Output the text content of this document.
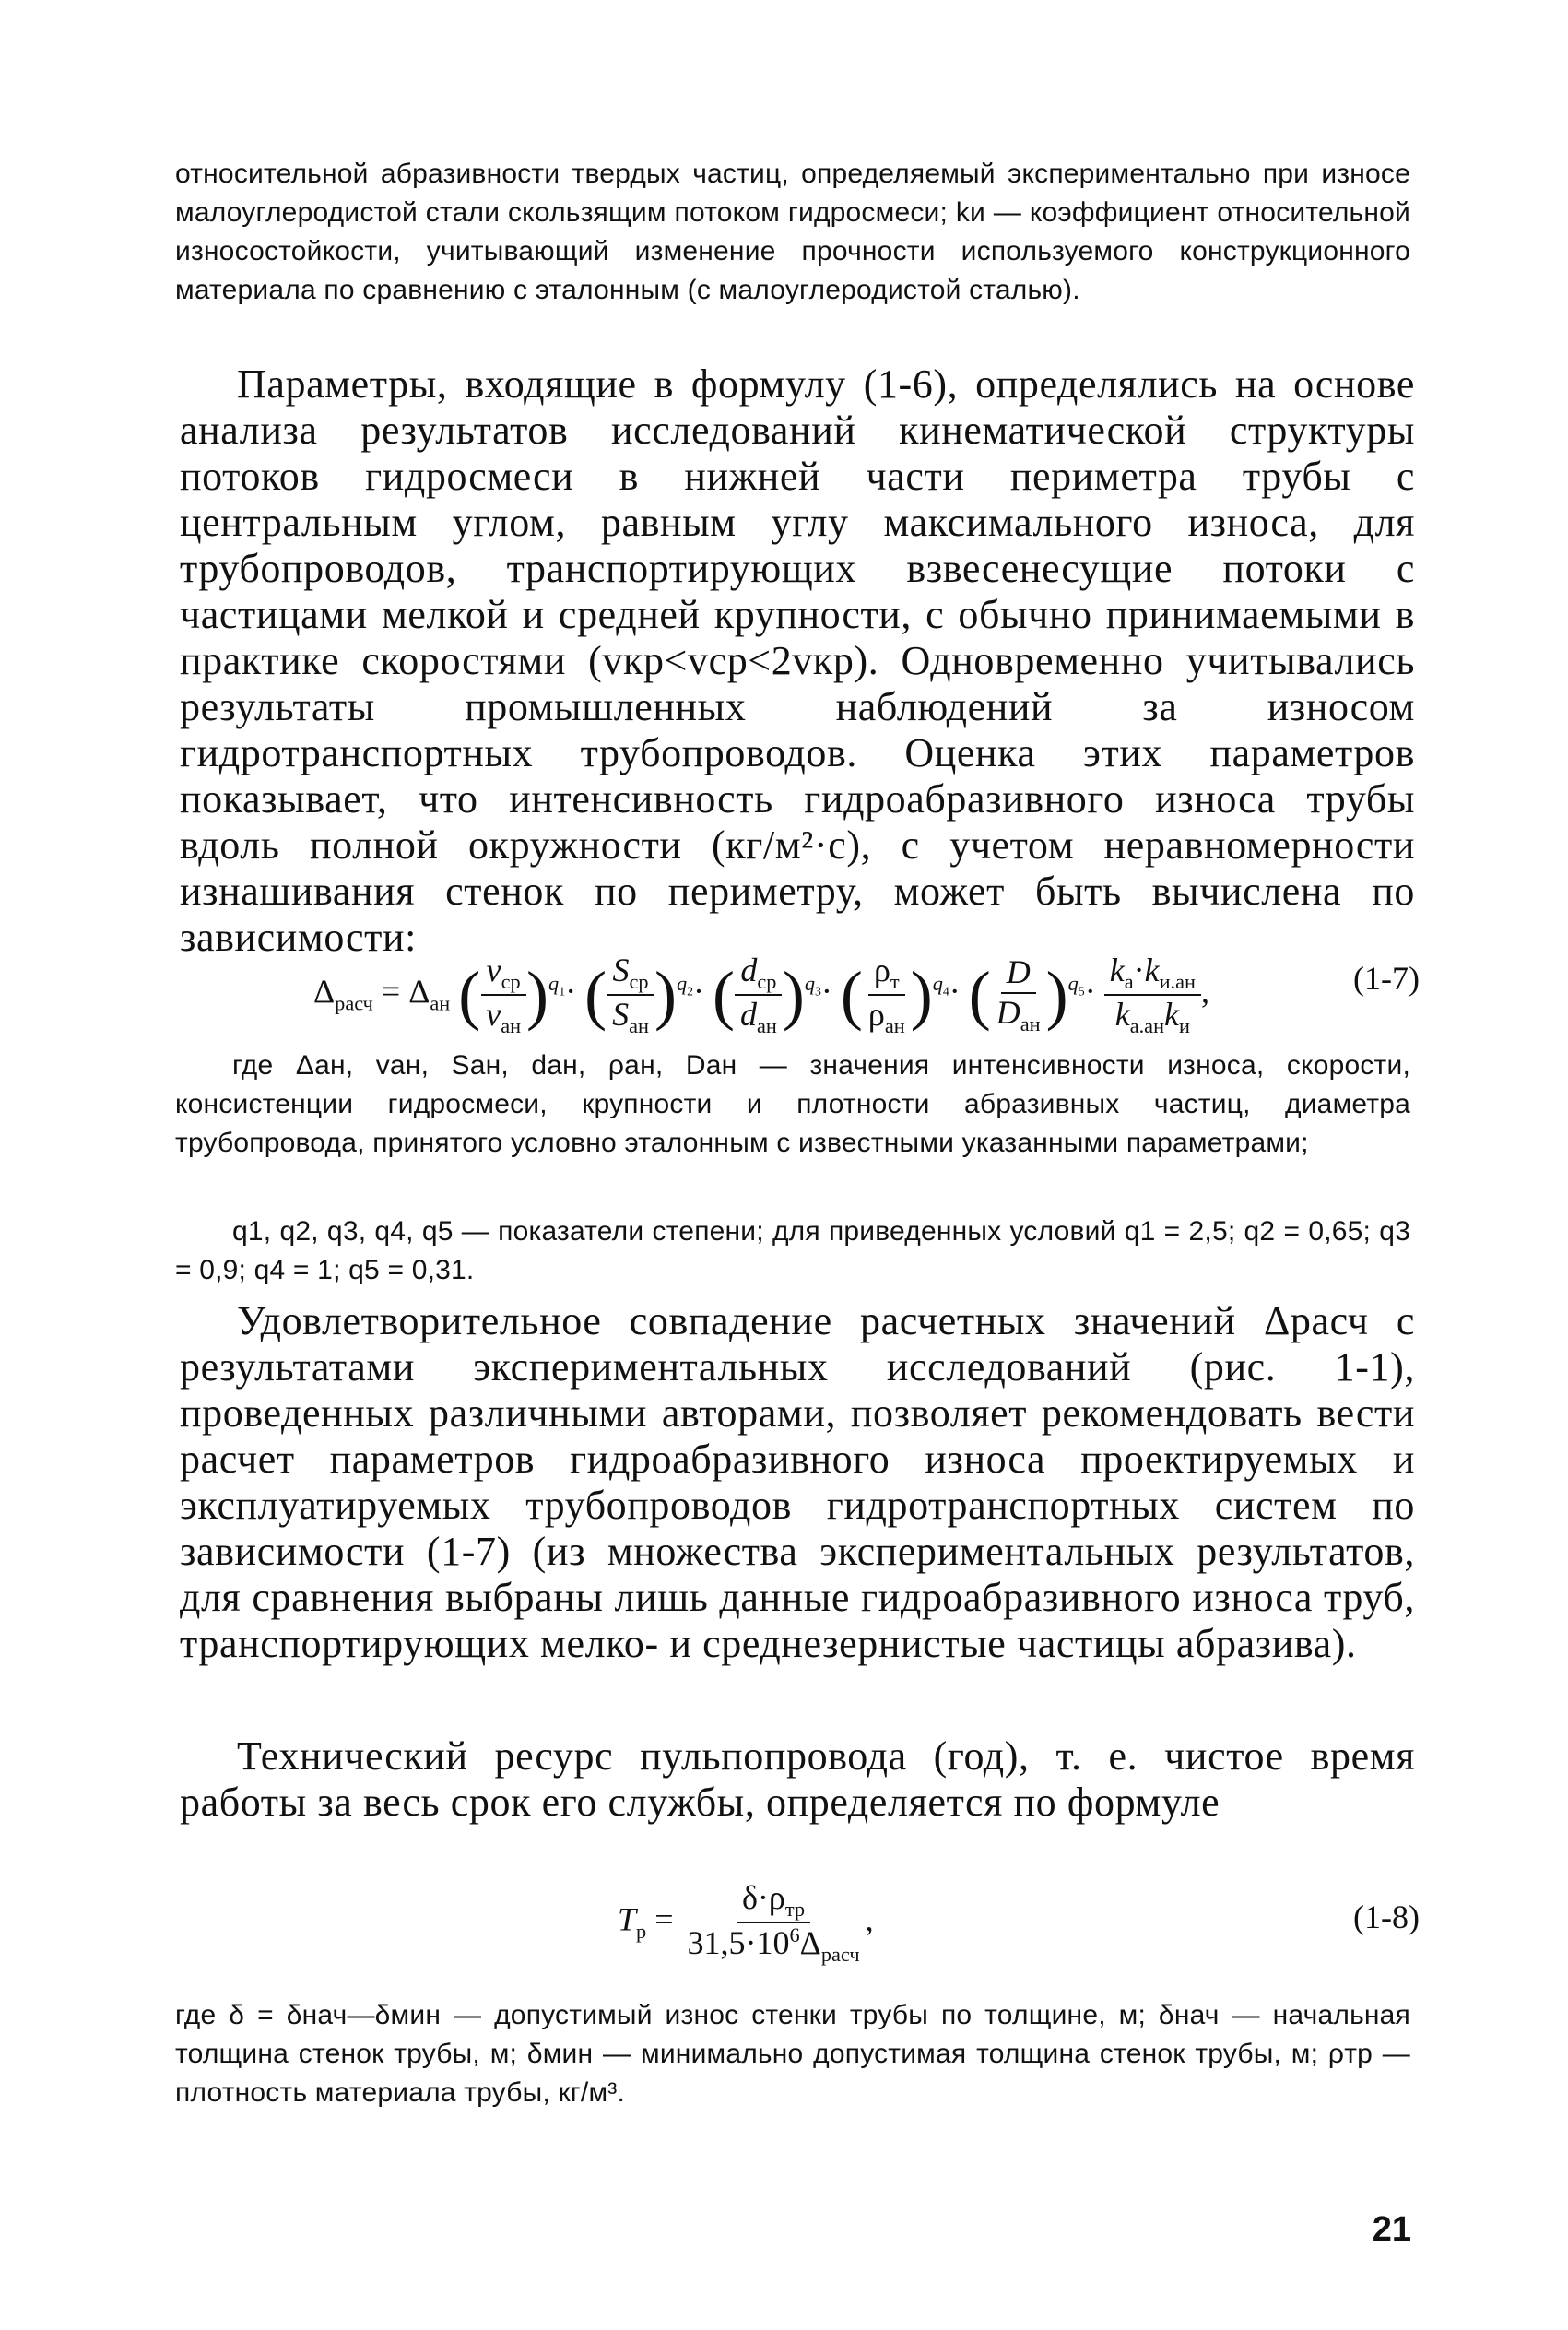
относительной абразивности твердых частиц, определяемый экспериментально при износе малоуглеродистой стали скользящим потоком гидросмеси; kи — коэффициент относительной износостойкости, учитывающий изменение прочности используемого конструкционного материала по сравнению с эталонным (с малоуглеродистой сталью).

Параметры, входящие в формулу (1-6), определялись на основе анализа результатов исследований кинематической структуры потоков гидросмеси в нижней части периметра трубы с центральным углом, равным углу максимального износа, для трубопроводов, транспортирующих взвесенесущие потоки с частицами мелкой и средней крупности, с обычно принимаемыми в практике скоростями (vкр<vср<2vкр). Одновременно учитывались результаты промышленных наблюдений за износом гидротранспортных трубопроводов. Оценка этих параметров показывает, что интенсивность гидроабразивного износа трубы вдоль полной окружности (кг/м²·с), с учетом неравномерности изнашивания стенок по периметру, может быть вычислена по зависимости:

$\Delta_{расч} = \Delta_{ан}$ ( $\frac{v_{ср}}{v_{ан}} )^{q_1}\cdot$ ( $\frac{S_{ср}}{S_{ан}} )^{q_2}\cdot$ ( $\frac{d_{ср}}{d_{ан}} )^{q_3}\cdot$ ( $\frac{\rho_т}{\rho_{ан}} )^{q_4}\cdot$ ( $\frac{D}{D_{ан}} )^{q_5}\cdot \frac{k_а\cdot k_{и.ан}}{k_{а.ан}k_и}$ ,	(1-7)

где Δан, vан, Sан, dан, ρан, Dан — значения интенсивности износа, скорости, консистенции гидросмеси, крупности и плотности абразивных частиц, диаметра трубопровода, принятого условно эталонным с известными указанными параметрами;

q1, q2, q3, q4, q5 — показатели степени; для приведенных условий q1 = 2,5; q2 = 0,65; q3 = 0,9; q4 = 1; q5 = 0,31.

Удовлетворительное совпадение расчетных значений Δрасч с результатами экспериментальных исследований (рис. 1-1), проведенных различными авторами, позволяет рекомендовать вести расчет параметров гидроабразивного износа проектируемых и эксплуатируемых трубопроводов гидротранспортных систем по зависимости (1-7) (из множества экспериментальных результатов, для сравнения выбраны лишь данные гидроабразивного износа труб, транспортирующих мелко- и среднезернистые частицы абразива).

Технический ресурс пульпопровода (год), т. е. чистое время работы за весь срок его службы, определяется по формуле

$T_р = \frac{\delta\cdot\rho_{тр}}{31,5\cdot 10^6\Delta_{расч}}$ ,	(1-8)

где δ = δнач—δмин — допустимый износ стенки трубы по толщине, м; δнач — начальная толщина стенок трубы, м; δмин — минимально допустимая толщина стенок трубы, м; ρтр — плотность материала трубы, кг/м³.

21
